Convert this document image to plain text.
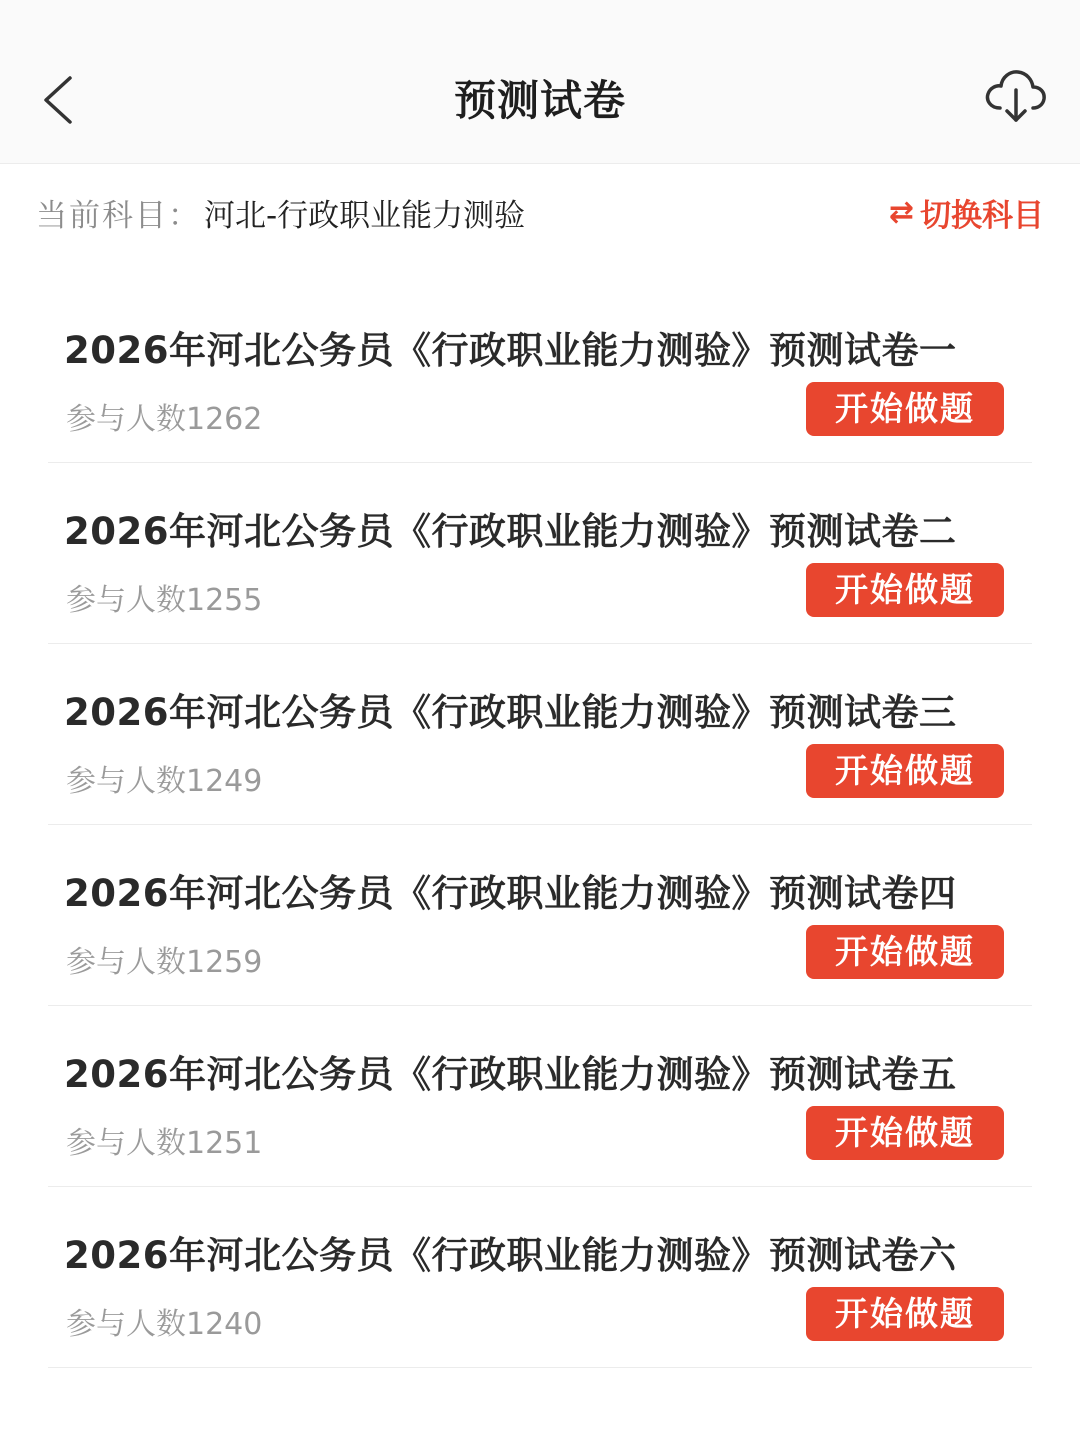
预测试卷
当前科目： 河北-行政职业能力测验	⇄ 切换科目
2026年河北公务员《行政职业能力测验》预测试卷一
参与人数1262	开始做题
2026年河北公务员《行政职业能力测验》预测试卷二
参与人数1255	开始做题
2026年河北公务员《行政职业能力测验》预测试卷三
参与人数1249	开始做题
2026年河北公务员《行政职业能力测验》预测试卷四
参与人数1259	开始做题
2026年河北公务员《行政职业能力测验》预测试卷五
参与人数1251	开始做题
2026年河北公务员《行政职业能力测验》预测试卷六
参与人数1240	开始做题
